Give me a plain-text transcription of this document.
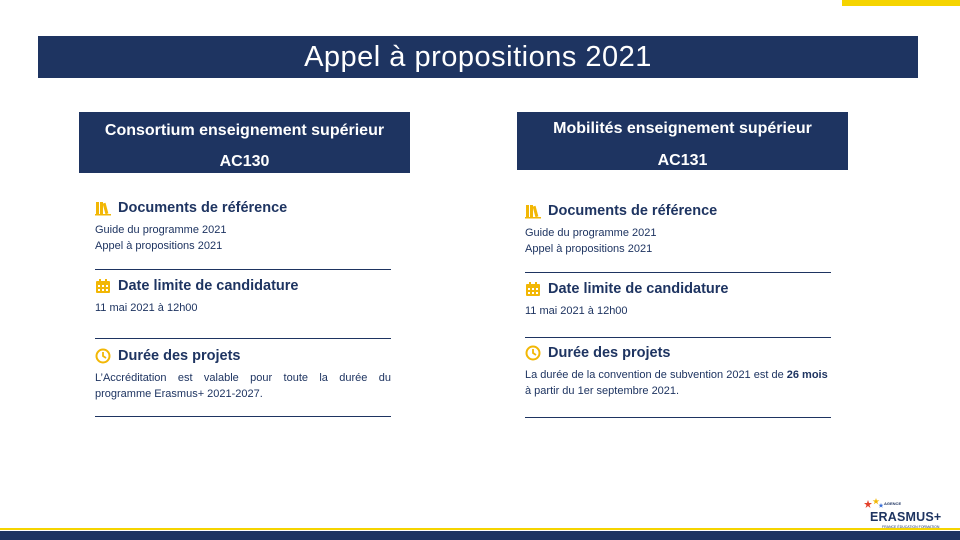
Appel à propositions 2021
Consortium enseignement supérieur
AC130
Mobilités enseignement supérieur
AC131
Documents de référence
Guide du programme 2021
Appel à propositions 2021
Date limite de candidature
11 mai 2021 à 12h00
Durée des projets
L’Accréditation est valable pour toute la durée du programme Erasmus+ 2021-2027.
Documents de référence
Guide du programme 2021
Appel à propositions 2021
Date limite de candidature
11 mai 2021 à 12h00
Durée des projets
La durée de la convention de subvention 2021 est de 26 mois à partir du 1er septembre 2021.
AGENCE
ERASMUS+
FRANCE ÉDUCATION FORMATION
